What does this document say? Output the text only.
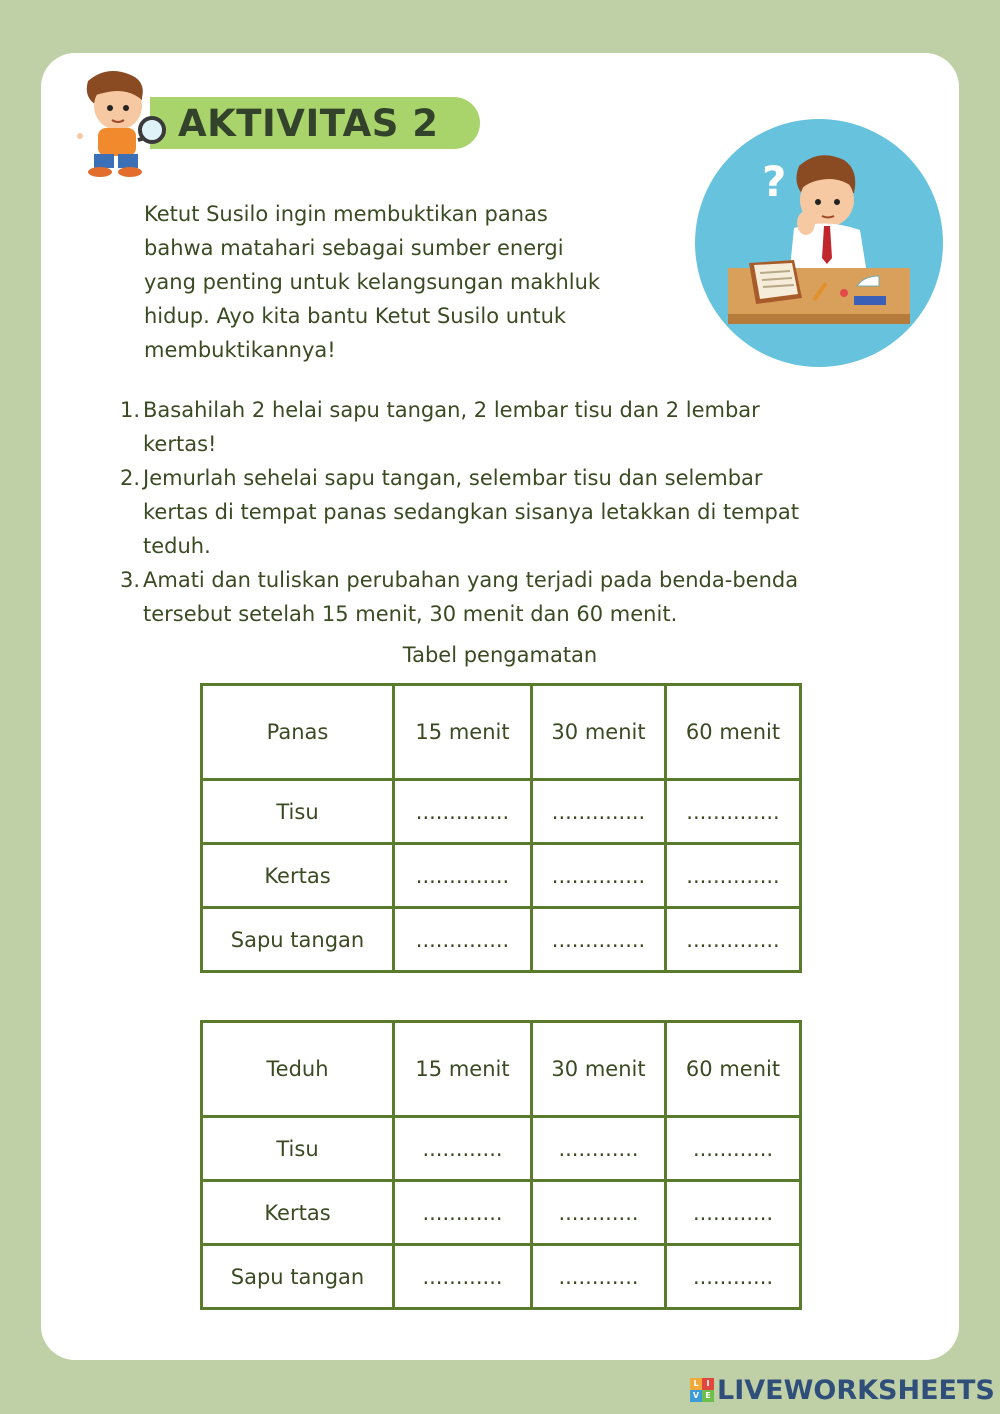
AKTIVITAS 2
?
Ketut Susilo ingin membuktikan panas
bahwa matahari sebagai sumber energi
yang penting untuk kelangsungan makhluk
hidup. Ayo kita bantu Ketut Susilo untuk
membuktikannya!
1. Basahilah 2 helai sapu tangan, 2 lembar tisu dan 2 lembar
kertas!
2. Jemurlah sehelai sapu tangan, selembar tisu dan selembar
kertas di tempat panas sedangkan sisanya letakkan di tempat
teduh.
3. Amati dan tuliskan perubahan yang terjadi pada benda-benda
tersebut setelah 15 menit, 30 menit dan 60 menit.
Tabel pengamatan
Panas	15 menit	30 menit	60 menit
Tisu	..............	..............	..............
Kertas	..............	..............	..............
Sapu tangan	..............	..............	..............
Teduh	15 menit	30 menit	60 menit
Tisu	............	............	............
Kertas	............	............	............
Sapu tangan	............	............	............
L I
V E LIVEWORKSHEETS
